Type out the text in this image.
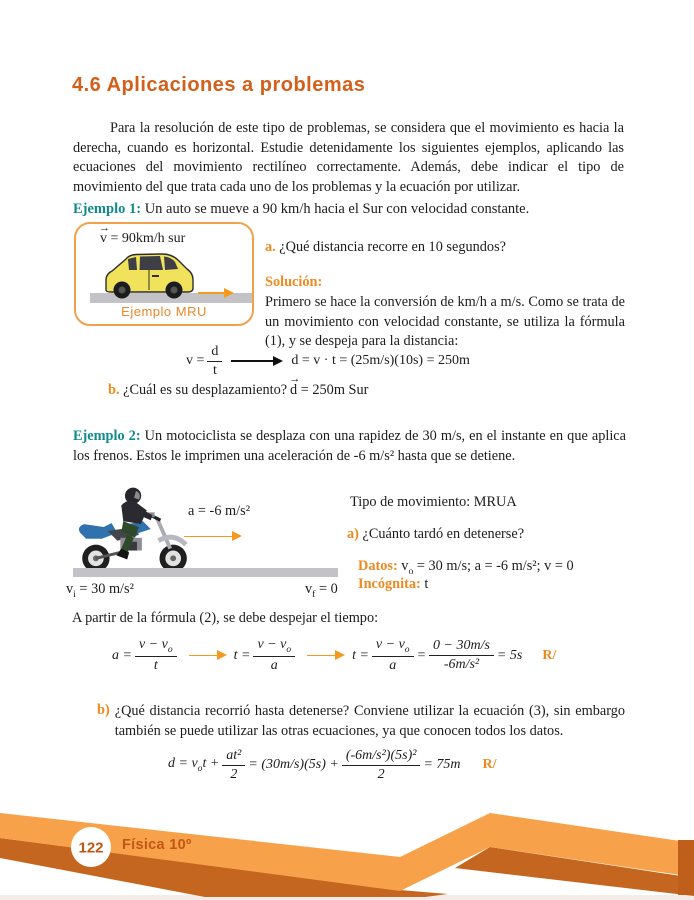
4.6 Aplicaciones a problemas
Para la resolución de este tipo de problemas, se considera que el movimiento es hacia la derecha, cuando es horizontal. Estudie detenidamente los siguientes ejemplos, aplicando las ecuaciones del movimiento rectilíneo correctamente. Además, debe indicar el tipo de movimiento del que trata cada uno de los problemas y la ecuación por utilizar.
Ejemplo 1: Un auto se mueve a 90 km/h hacia el Sur con velocidad constante.
→
v = 90km/h sur
Ejemplo MRU
a. ¿Qué distancia recorre en 10 segundos?
Solución:
Primero se hace la conversión de km/h a m/s. Como se trata de un movimiento con velocidad constante, se utiliza la fórmula (1), y se despeja para la distancia:
$v = \frac{d}{t}$	d = v · t = (25m/s)(10s) = 250m
b. ¿Cuál es su desplazamiento?
→
d = 250m Sur
Ejemplo 2: Un motociclista se desplaza con una rapidez de 30 m/s, en el instante en que aplica los frenos. Estos le imprimen una aceleración de -6 m/s² hasta que se detiene.
a = -6 m/s²
$v_i = 30$ m/s²	$v_f = 0$
Tipo de movimiento: MRUA
a) ¿Cuánto tardó en detenerse?
Datos: $v_o = 30$ m/s; a = -6 m/s²; v = 0
Incógnita: t
A partir de la fórmula (2), se debe despejar el tiempo:
$a = \frac{v - v_o}{t}$	$t = \frac{v - v_o}{a}$	$t = \frac{v - v_o}{a} = \frac{0 - 30m/s}{\text{-6m/s²}} = 5s$ R/
b) ¿Qué distancia recorrió hasta detenerse? Conviene utilizar la ecuación (3), sin embargo también se puede utilizar las otras ecuaciones, ya que conocen todos los datos.
$d = v_ot + \frac{\text{at²}}{2} = (30m/s)(5s) + \frac{\text{(-6m/s²)(5s)²}}{2} = 75m$ R/
122 Física 10º
